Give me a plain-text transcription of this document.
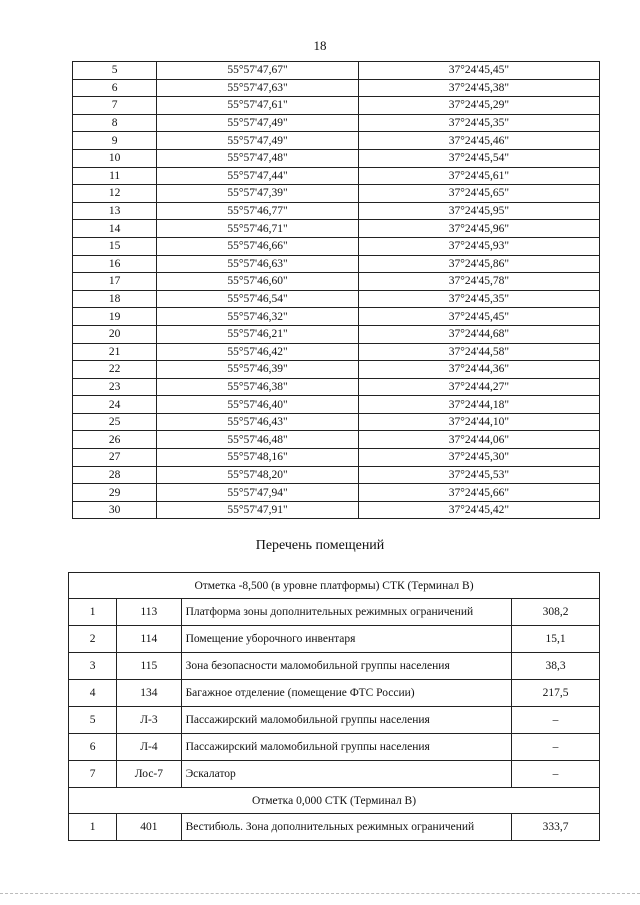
18
5	55°57'47,67"	37°24'45,45"
6	55°57'47,63"	37°24'45,38"
7	55°57'47,61"	37°24'45,29"
8	55°57'47,49"	37°24'45,35"
9	55°57'47,49"	37°24'45,46"
10	55°57'47,48"	37°24'45,54"
11	55°57'47,44"	37°24'45,61"
12	55°57'47,39"	37°24'45,65"
13	55°57'46,77"	37°24'45,95"
14	55°57'46,71"	37°24'45,96"
15	55°57'46,66"	37°24'45,93"
16	55°57'46,63"	37°24'45,86"
17	55°57'46,60"	37°24'45,78"
18	55°57'46,54"	37°24'45,35"
19	55°57'46,32"	37°24'45,45"
20	55°57'46,21"	37°24'44,68"
21	55°57'46,42"	37°24'44,58"
22	55°57'46,39"	37°24'44,36"
23	55°57'46,38"	37°24'44,27"
24	55°57'46,40"	37°24'44,18"
25	55°57'46,43"	37°24'44,10"
26	55°57'46,48"	37°24'44,06"
27	55°57'48,16"	37°24'45,30"
28	55°57'48,20"	37°24'45,53"
29	55°57'47,94"	37°24'45,66"
30	55°57'47,91"	37°24'45,42"
Перечень помещений
Отметка -8,500 (в уровне платформы) СТК (Терминал В)			
1	113	Платформа зоны дополнительных режимных ограничений	308,2
2	114	Помещение уборочного инвентаря	15,1
3	115	Зона безопасности маломобильной группы населения	38,3
4	134	Багажное отделение (помещение ФТС России)	217,5
5	Л-3	Пассажирский маломобильной группы населения	–
6	Л-4	Пассажирский маломобильной группы населения	–
7	Лос-7	Эскалатор	–
Отметка 0,000 СТК (Терминал В)			
1	401	Вестибюль. Зона дополнительных режимных ограничений	333,7
